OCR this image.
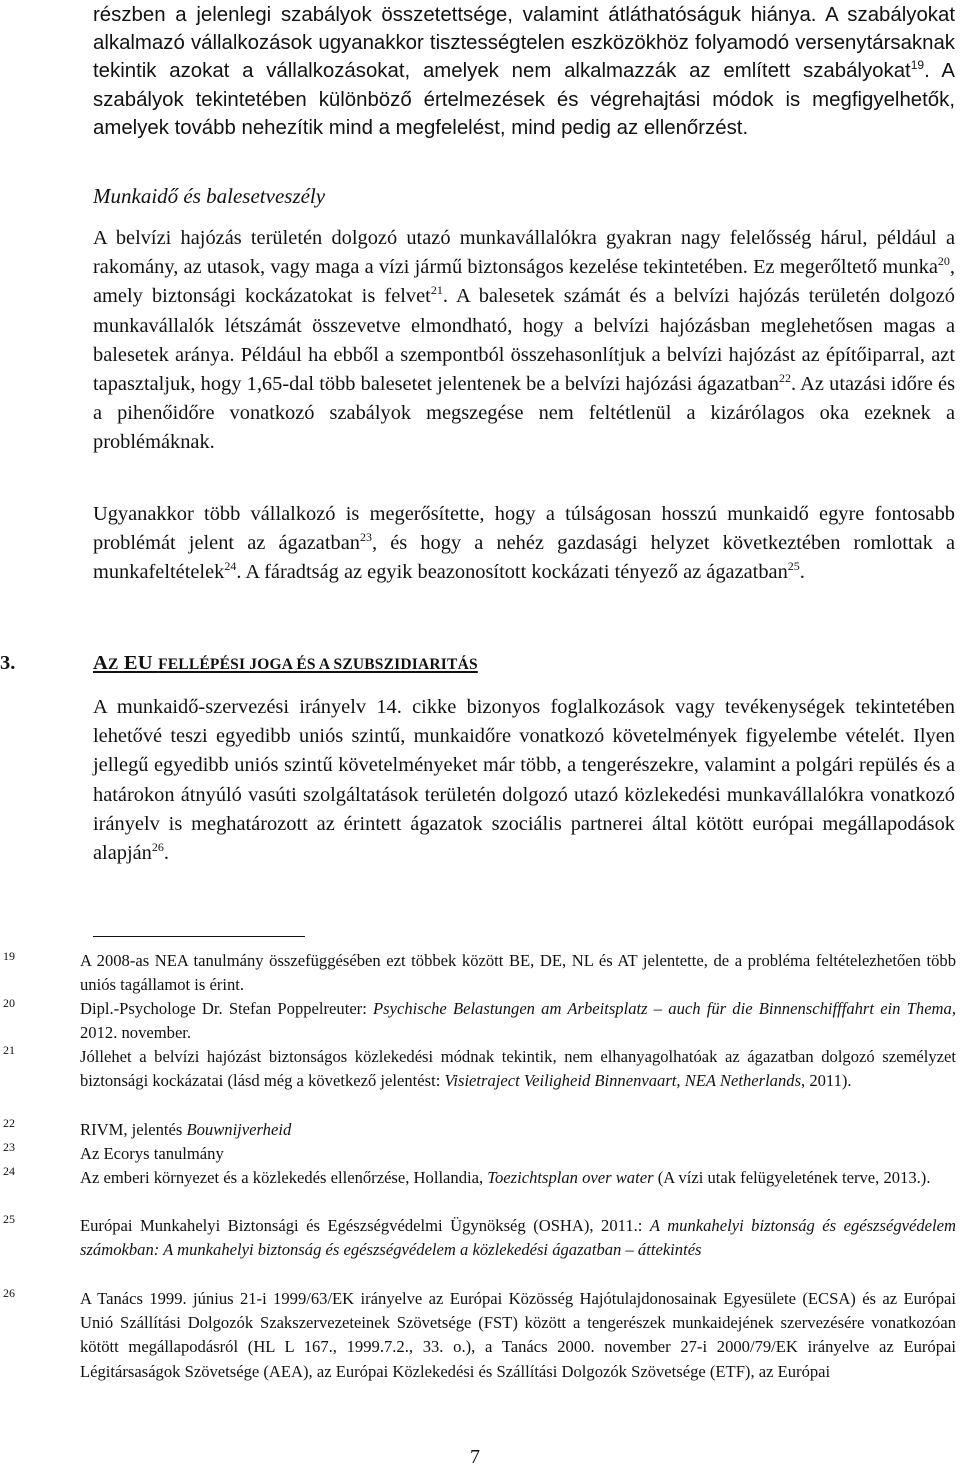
részben a jelenlegi szabályok összetettsége, valamint átláthatóságuk hiánya. A szabályokat alkalmazó vállalkozások ugyanakkor tisztességtelen eszközökhöz folyamodó versenytársaknak tekintik azokat a vállalkozásokat, amelyek nem alkalmazzák az említett szabályokat$^{19}$. A szabályok tekintetében különböző értelmezések és végrehajtási módok is megfigyelhetők, amelyek tovább nehezítik mind a megfelelést, mind pedig az ellenőrzést.

Munkaidő és balesetveszély

A belvízi hajózás területén dolgozó utazó munkavállalókra gyakran nagy felelősség hárul, például a rakomány, az utasok, vagy maga a vízi jármű biztonságos kezelése tekintetében. Ez megerőltető munka$^{20}$, amely biztonsági kockázatokat is felvet$^{21}$. A balesetek számát és a belvízi hajózás területén dolgozó munkavállalók létszámát összevetve elmondható, hogy a belvízi hajózásban meglehetősen magas a balesetek aránya. Például ha ebből a szempontból összehasonlítjuk a belvízi hajózást az építőiparral, azt tapasztaljuk, hogy 1,65-dal több balesetet jelentenek be a belvízi hajózási ágazatban$^{22}$. Az utazási időre és a pihenőidőre vonatkozó szabályok megszegése nem feltétlenül a kizárólagos oka ezeknek a problémáknak.

Ugyanakkor több vállalkozó is megerősítette, hogy a túlságosan hosszú munkaidő egyre fontosabb problémát jelent az ágazatban$^{23}$, és hogy a nehéz gazdasági helyzet következtében romlottak a munkafeltételek$^{24}$. A fáradtság az egyik beazonosított kockázati tényező az ágazatban$^{25}$.

3.	AZ EU FELLÉPÉSI JOGA ÉS A SZUBSZIDIARITÁS

A munkaidő-szervezési irányelv 14. cikke bizonyos foglalkozások vagy tevékenységek tekintetében lehetővé teszi egyedibb uniós szintű, munkaidőre vonatkozó követelmények figyelembe vételét. Ilyen jellegű egyedibb uniós szintű követelményeket már több, a tengerészekre, valamint a polgári repülés és a határokon átnyúló vasúti szolgáltatások területén dolgozó utazó közlekedési munkavállalókra vonatkozó irányelv is meghatározott az érintett ágazatok szociális partnerei által kötött európai megállapodások alapján$^{26}$.

19	A 2008-as NEA tanulmány összefüggésében ezt többek között BE, DE, NL és AT jelentette, de a probléma feltételezhetően több uniós tagállamot is érint.

20	Dipl.-Psychologe Dr. Stefan Poppelreuter: Psychische Belastungen am Arbeitsplatz – auch für die Binnenschifffahrt ein Thema, 2012. november.

21	Jóllehet a belvízi hajózást biztonságos közlekedési módnak tekintik, nem elhanyagolhatóak az ágazatban dolgozó személyzet biztonsági kockázatai (lásd még a következő jelentést: Visietraject Veiligheid Binnenvaart, NEA Netherlands, 2011).

22	RIVM, jelentés Bouwnijverheid

23	Az Ecorys tanulmány

24	Az emberi környezet és a közlekedés ellenőrzése, Hollandia, Toezichtsplan over water (A vízi utak felügyeletének terve, 2013.).

25	Európai Munkahelyi Biztonsági és Egészségvédelmi Ügynökség (OSHA), 2011.: A munkahelyi biztonság és egészségvédelem számokban: A munkahelyi biztonság és egészségvédelem a közlekedési ágazatban – áttekintés

26	A Tanács 1999. június 21-i 1999/63/EK irányelve az Európai Közösség Hajótulajdonosainak Egyesülete (ECSA) és az Európai Unió Szállítási Dolgozók Szakszervezeteinek Szövetsége (FST) között a tengerészek munkaidejének szervezésére vonatkozóan kötött megállapodásról (HL L 167., 1999.7.2., 33. o.), a Tanács 2000. november 27-i 2000/79/EK irányelve az Európai Légitársaságok Szövetsége (AEA), az Európai Közlekedési és Szállítási Dolgozók Szövetsége (ETF), az Európai

7
